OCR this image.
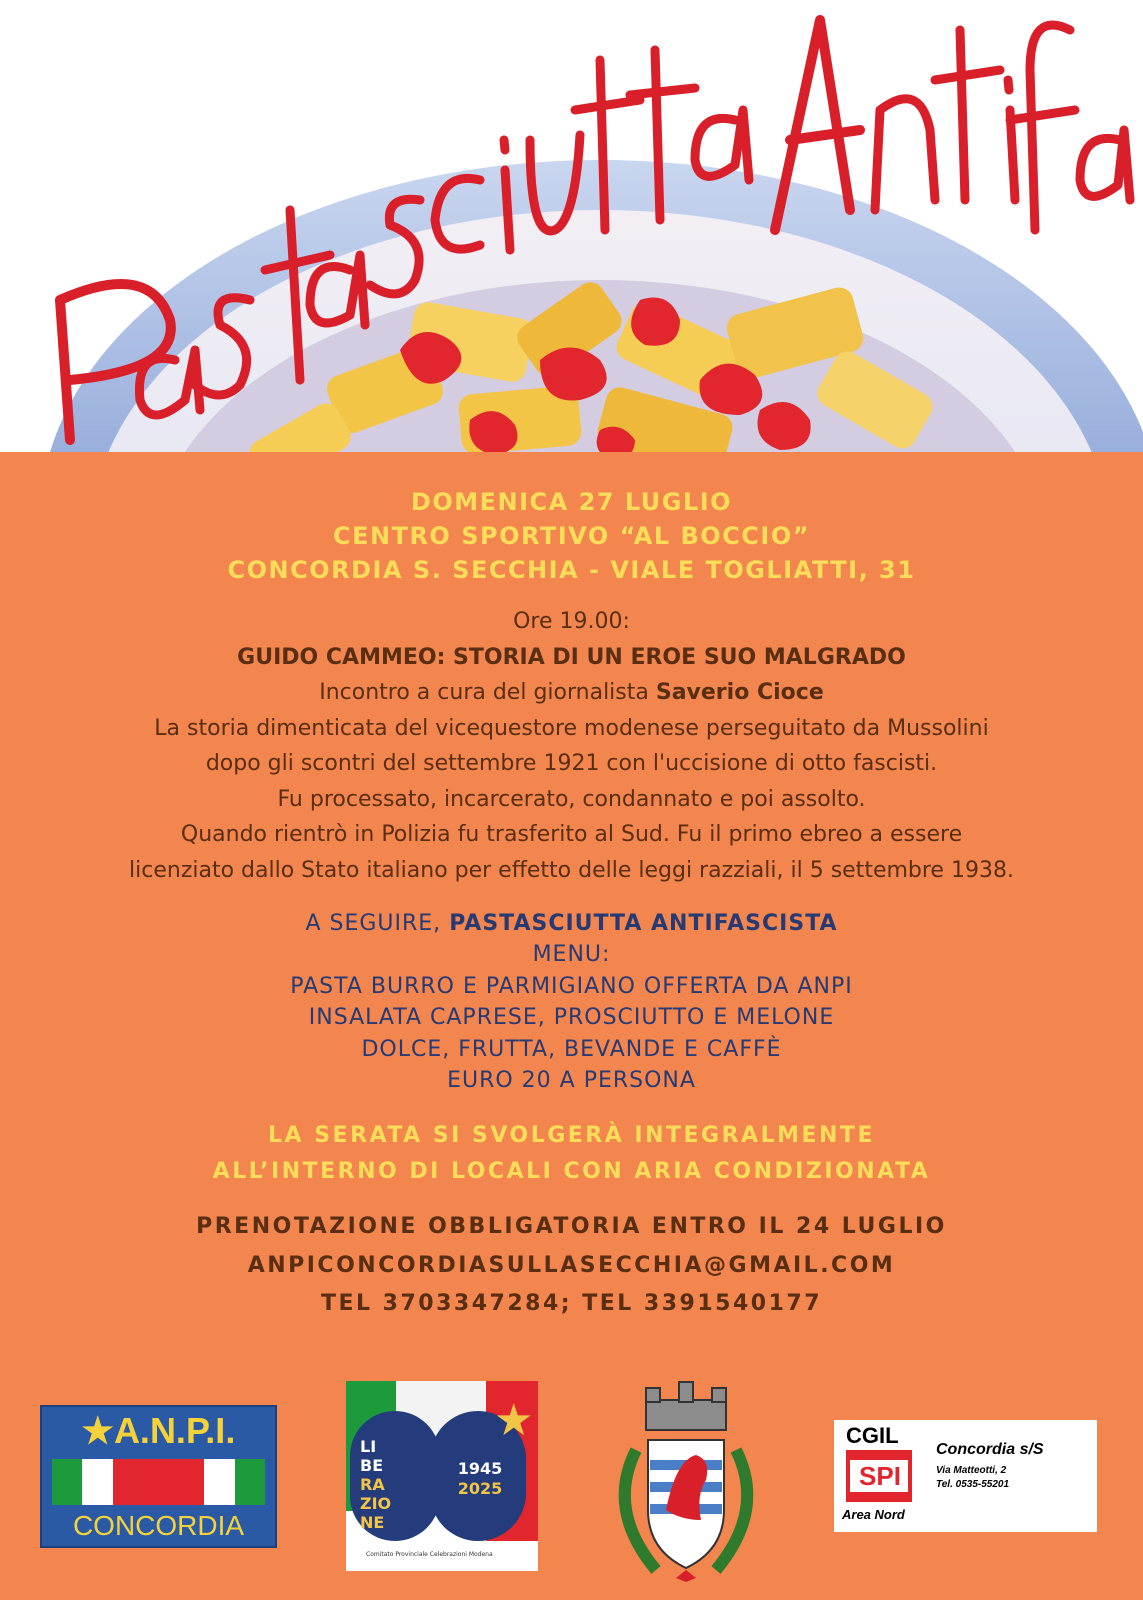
DOMENICA 27 LUGLIO
CENTRO SPORTIVO “AL BOCCIO”
CONCORDIA S. SECCHIA - VIALE TOGLIATTI, 31
Ore 19.00:
GUIDO CAMMEO: STORIA DI UN EROE SUO MALGRADO
Incontro a cura del giornalista Saverio Cioce
La storia dimenticata del vicequestore modenese perseguitato da Mussolini
dopo gli scontri del settembre 1921 con l'uccisione di otto fascisti.
Fu processato, incarcerato, condannato e poi assolto.
Quando rientrò in Polizia fu trasferito al Sud. Fu il primo ebreo a essere
licenziato dallo Stato italiano per effetto delle leggi razziali, il 5 settembre 1938.
A SEGUIRE, PASTASCIUTTA ANTIFASCISTA
MENU:
PASTA BURRO E PARMIGIANO OFFERTA DA ANPI
INSALATA CAPRESE, PROSCIUTTO E MELONE
DOLCE, FRUTTA, BEVANDE E CAFFÈ
EURO 20 A PERSONA
LA SERATA SI SVOLGERÀ INTEGRALMENTE
ALL’INTERNO DI LOCALI CON ARIA CONDIZIONATA
PRENOTAZIONE OBBLIGATORIA ENTRO IL 24 LUGLIO
ANPICONCORDIASULLASECCHIA@GMAIL.COM
TEL 3703347284; TEL 3391540177
★A.N.P.I.
CONCORDIA
★
LI
BE
RA
ZIO
NE
1945
2025
Comitato Provinciale Celebrazioni Modena
CGIL
SPI
Area Nord
Concordia s/S
Via Matteotti, 2
Tel. 0535-55201
